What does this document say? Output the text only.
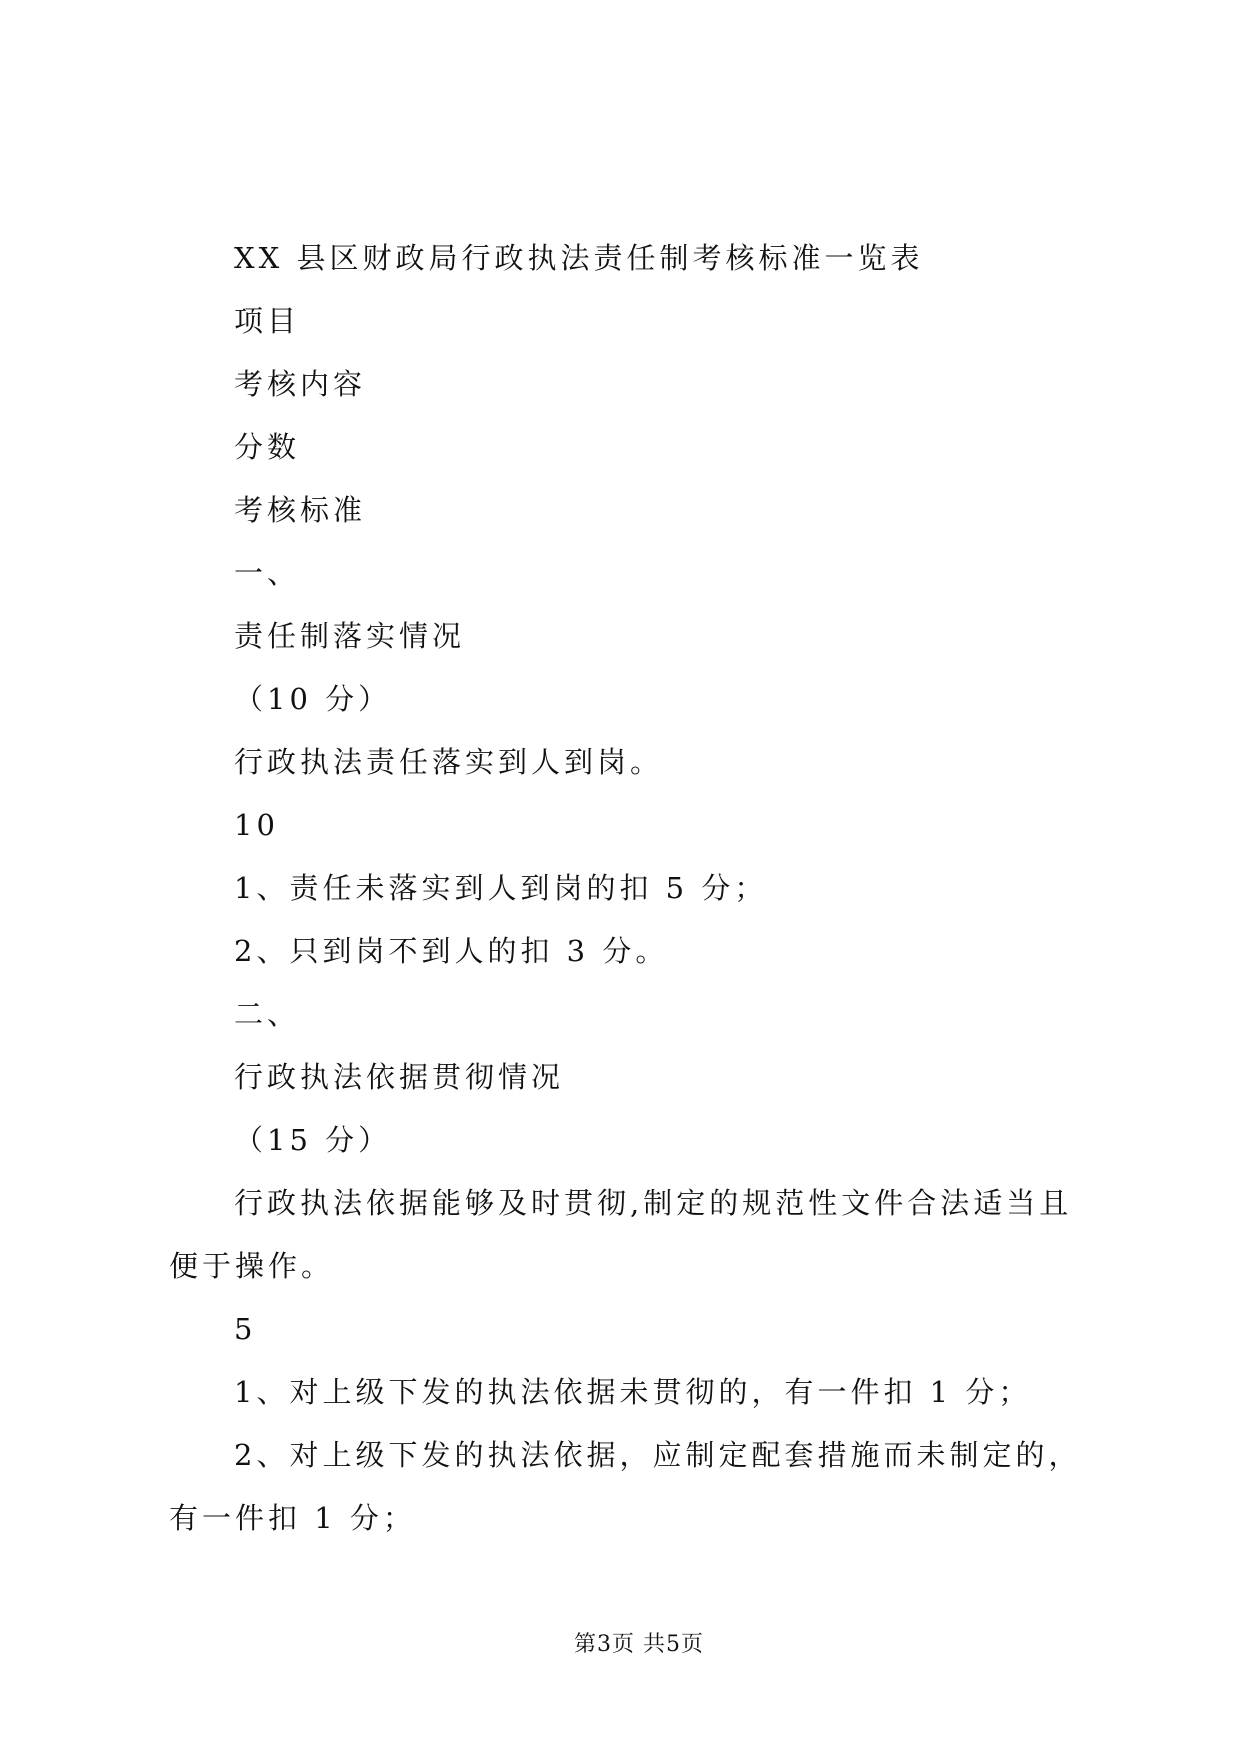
XX 县区财政局行政执法责任制考核标准一览表
项目
考核内容
分数
考核标准
一、
责任制落实情况
（10 分）
行政执法责任落实到人到岗。
10
1、责任未落实到人到岗的扣 5 分；
2、只到岗不到人的扣 3 分。
二、
行政执法依据贯彻情况
（15 分）
行政执法依据能够及时贯彻,制定的规范性文件合法适当且
便于操作。
5
1、对上级下发的执法依据未贯彻的，有一件扣 1 分；
2、对上级下发的执法依据，应制定配套措施而未制定的，
有一件扣 1 分；
第3页 共5页
